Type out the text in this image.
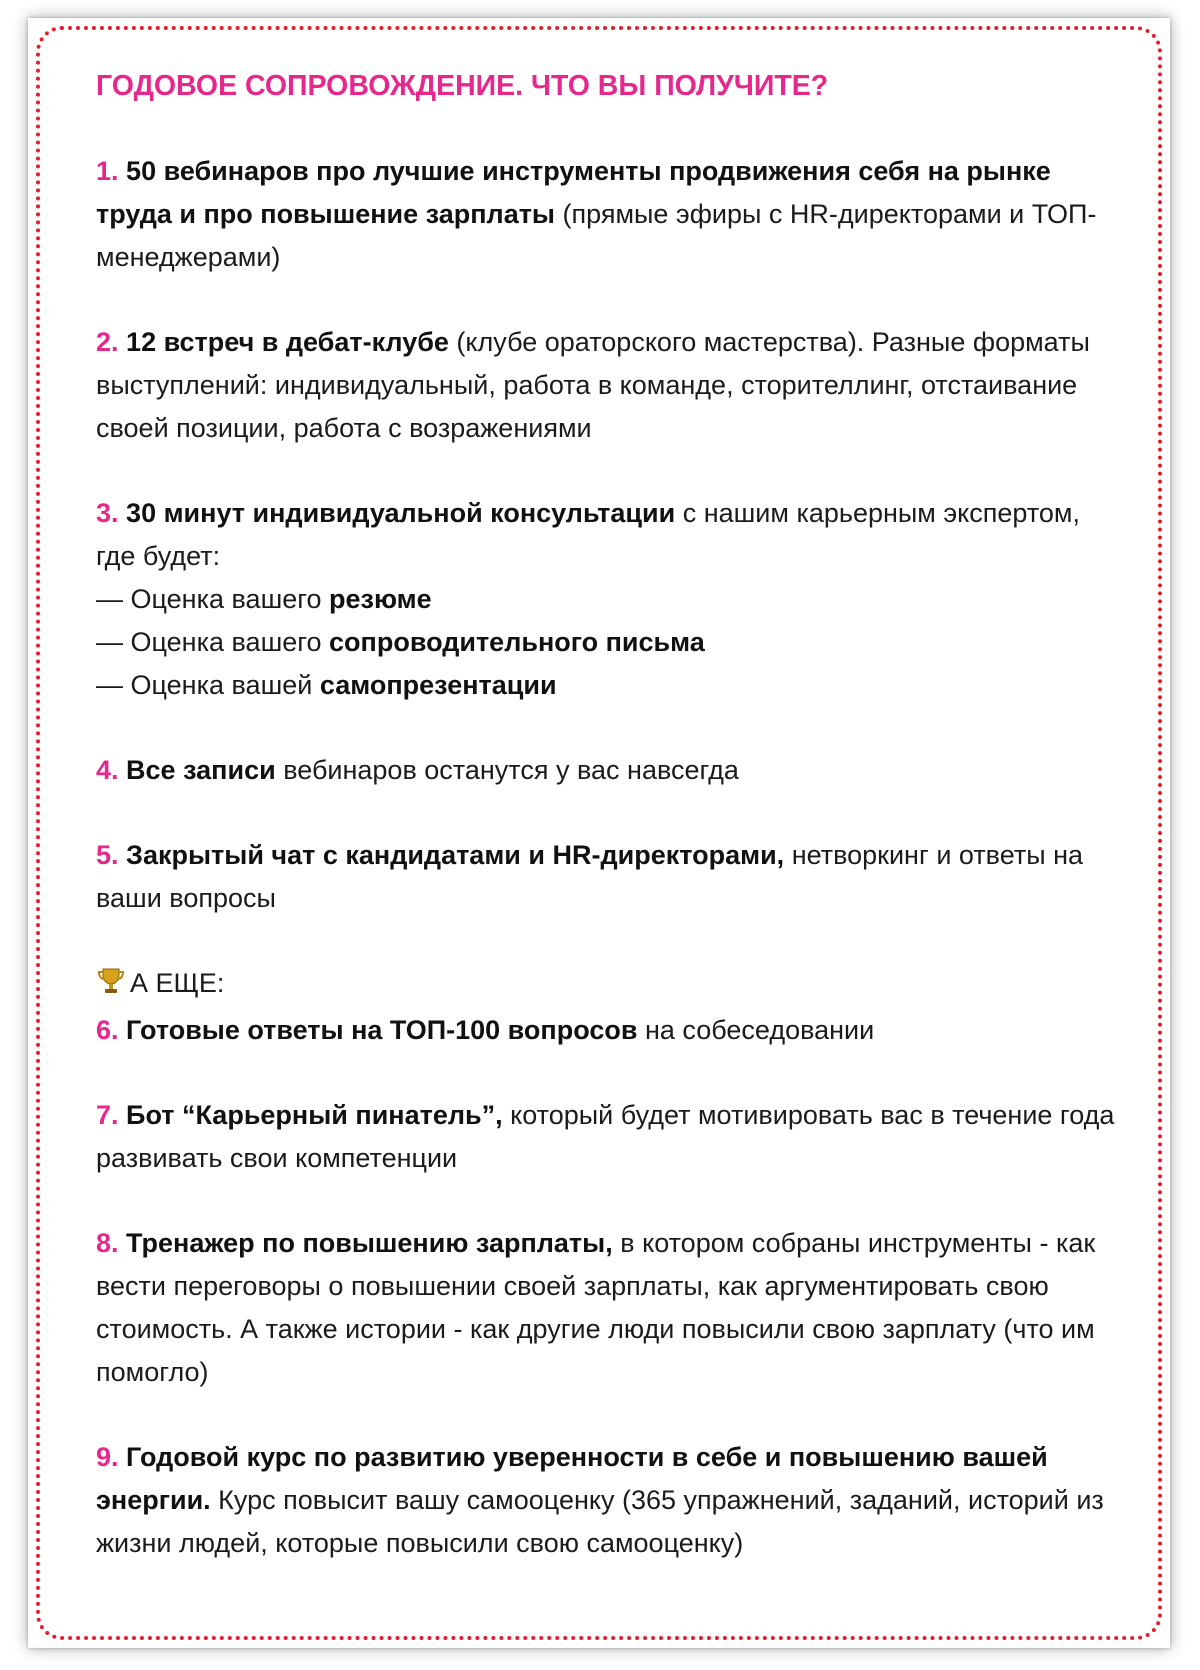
ГОДОВОЕ СОПРОВОЖДЕНИЕ. ЧТО ВЫ ПОЛУЧИТЕ?
1. 50 вебинаров про лучшие инструменты продвижения себя на рынке труда и про повышение зарплаты (прямые эфиры с HR-директорами и ТОП-менеджерами)
2. 12 встреч в дебат-клубе (клубе ораторского мастерства). Разные форматы выступлений: индивидуальный, работа в команде, сторителлинг, отстаивание своей позиции, работа с возражениями
3. 30 минут индивидуальной консультации с нашим карьерным экспертом, где будет:
— Оценка вашего резюме
— Оценка вашего сопроводительного письма
— Оценка вашей самопрезентации
4. Все записи вебинаров останутся у вас навсегда
5. Закрытый чат с кандидатами и HR-директорами, нетворкинг и ответы на ваши вопросы
А ЕЩЕ:
6. Готовые ответы на ТОП-100 вопросов на собеседовании
7. Бот “Карьерный пинатель”, который будет мотивировать вас в течение года развивать свои компетенции
8. Тренажер по повышению зарплаты, в котором собраны инструменты - как вести переговоры о повышении своей зарплаты, как аргументировать свою стоимость. А также истории - как другие люди повысили свою зарплату (что им помогло)
9. Годовой курс по развитию уверенности в себе и повышению вашей энергии. Курс повысит вашу самооценку (365 упражнений, заданий, историй из жизни людей, которые повысили свою самооценку)
